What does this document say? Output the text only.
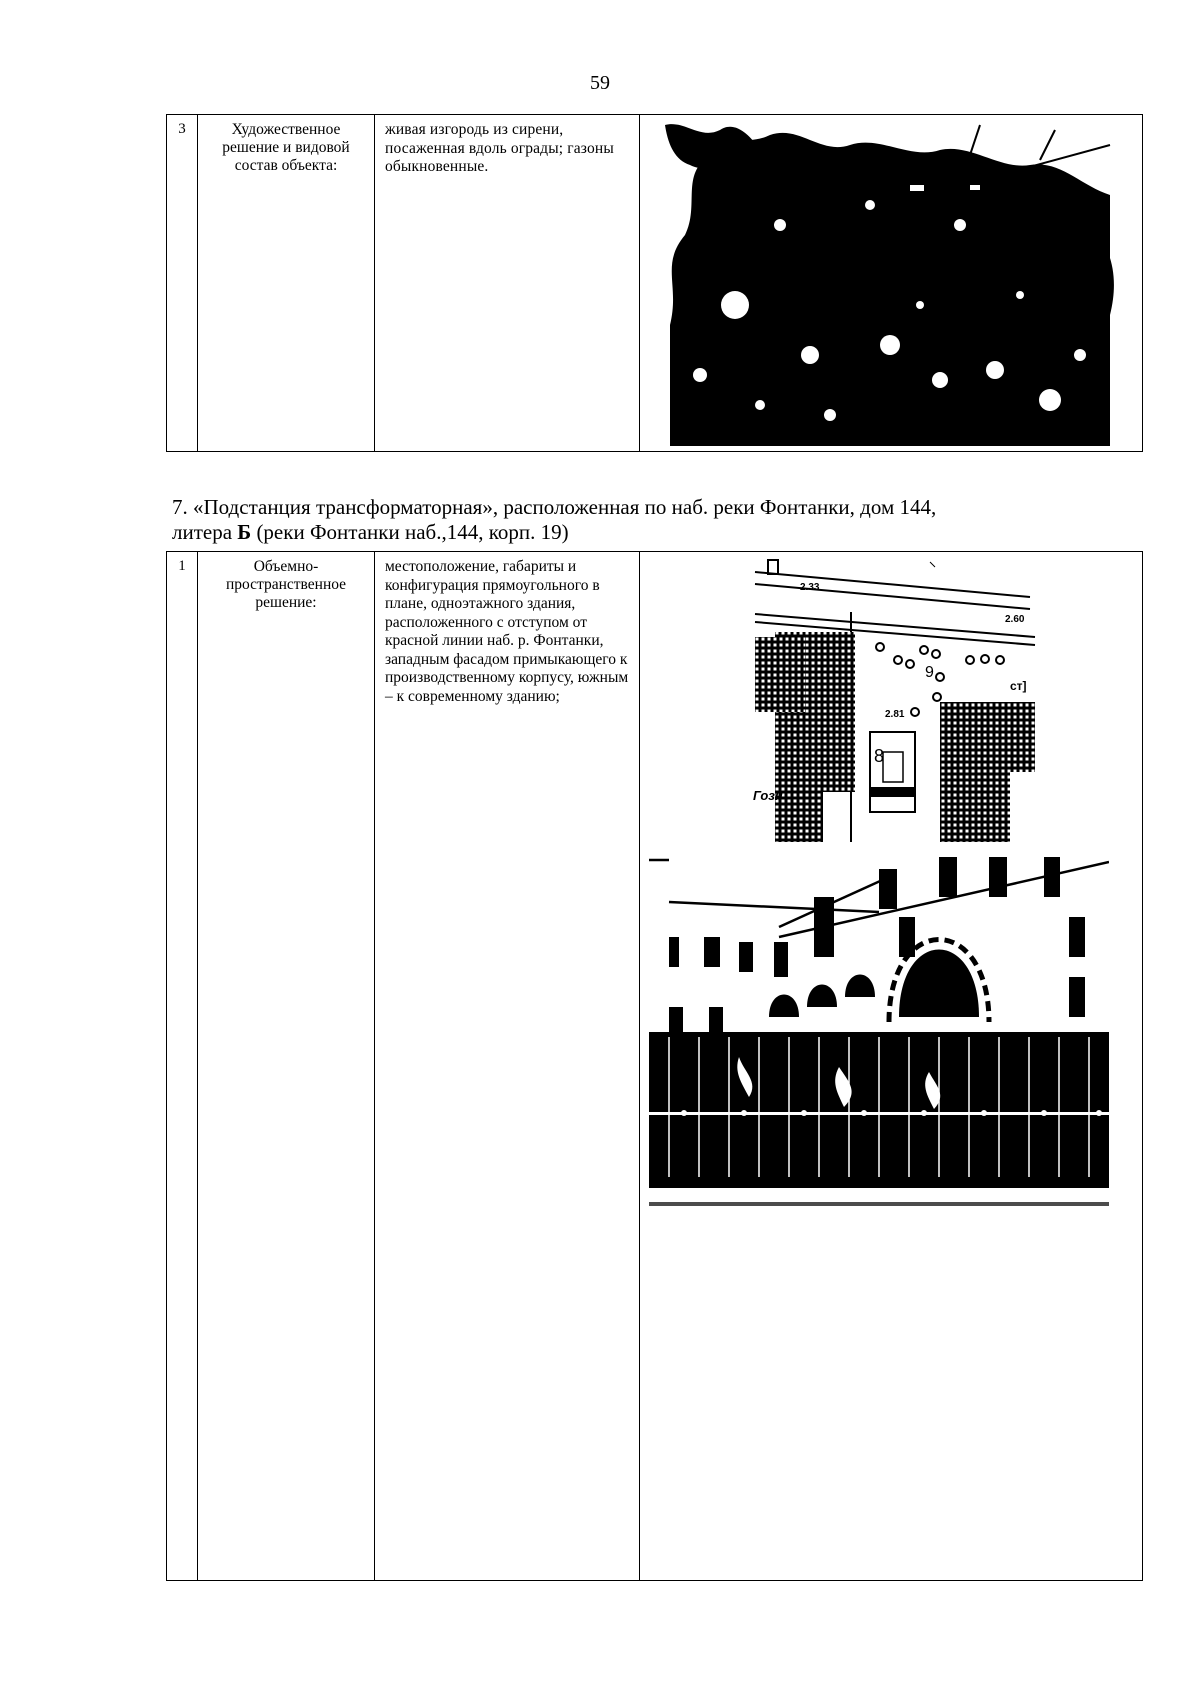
59
3	Художественное решение и видовой состав объекта:	живая изгородь из сирени, посаженная вдоль ограды; газоны обыкновенные.	
7. «Подстанция трансформаторная», расположенная по наб. реки Фонтанки, дом 144,
литера Б (реки Фонтанки наб.,144, корп. 19)
1	Объемно-пространственное решение:	местоположение, габариты и конфигурация прямоугольного в плане, одноэтажного здания, расположенного с отступом от красной линии наб. р. Фонтанки, западным фасадом примыкающего к производственному корпусу, южным – к современному зданию;	
2.33
2.60
9
ст]
2.81
8
Гозн
